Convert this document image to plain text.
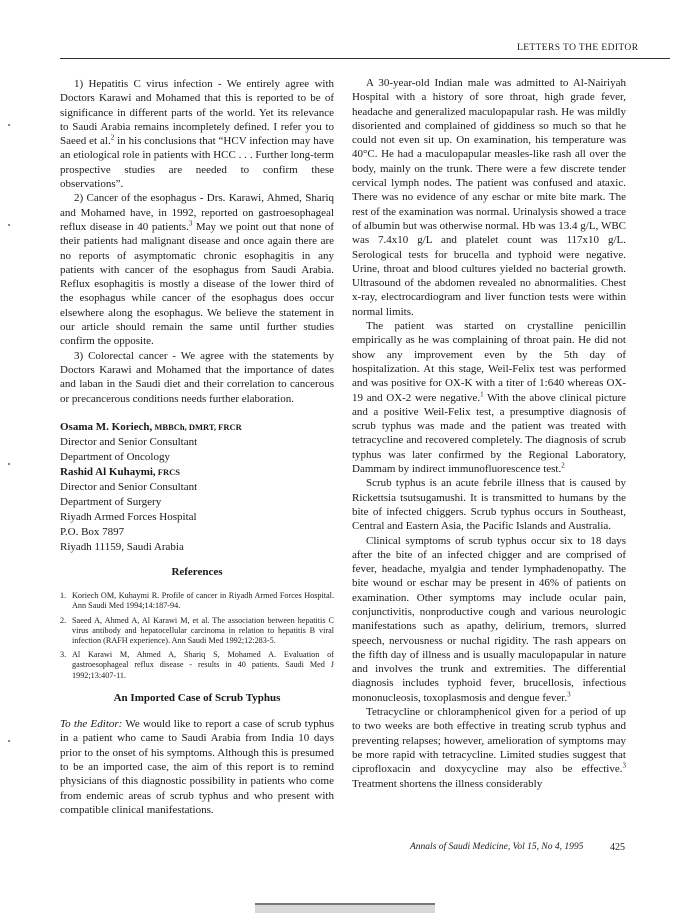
LETTERS TO THE EDITOR

1) Hepatitis C virus infection - We entirely agree with Doctors Karawi and Mohamed that this is reported to be of significance in different parts of the world. Yet its relevance to Saudi Arabia remains incompletely defined. I refer you to Saeed et al.$^2$ in his conclusions that “HCV infection may have an etiological role in patients with HCC . . . Further long-term prospective studies are needed to confirm these observations”.

2) Cancer of the esophagus - Drs. Karawi, Ahmed, Shariq and Mohamed have, in 1992, reported on gastroesophageal reflux disease in 40 patients.$^3$ May we point out that none of their patients had malignant disease and once again there are no reports of asymptomatic chronic esophagitis in any patients with cancer of the esophagus from Saudi Arabia. Reflux esophagitis is mostly a disease of the lower third of the esophagus while cancer of the esophagus does occur elsewhere along the esophagus. We believe the statement in our article should remain the same until further studies confirm the opposite.

3) Colorectal cancer - We agree with the statements by Doctors Karawi and Mohamed that the importance of dates and laban in the Saudi diet and their correlation to cancerous or precancerous conditions needs further elaboration.

Osama M. Koriech, MBBCh, DMRT, FRCR
Director and Senior Consultant
Department of Oncology
Rashid Al Kuhaymi, FRCS
Director and Senior Consultant
Department of Surgery
Riyadh Armed Forces Hospital
P.O. Box 7897
Riyadh 11159, Saudi Arabia
References
1. Koriech OM, Kuhaymi R. Profile of cancer in Riyadh Armed Forces Hospital. Ann Saudi Med 1994;14:187-94.
2. Saeed A, Ahmed A, Al Karawi M, et al. The association between hepatitis C virus antibody and hepatocellular carcinoma in relation to hepatitis B viral infection (RAFH experience). Ann Saudi Med 1992;12:283-5.
3. Al Karawi M, Ahmed A, Shariq S, Mohamed A. Evaluation of gastroesophageal reflux disease - results in 40 patients. Saudi Med J 1992;13:407-11.
An Imported Case of Scrub Typhus

To the Editor: We would like to report a case of scrub typhus in a patient who came to Saudi Arabia from India 10 days prior to the onset of his symptoms. Although this is presumed to be an imported case, the aim of this report is to remind physicians of this diagnostic possibility in patients who come from endemic areas of scrub typhus and who present with compatible clinical manifestations.

A 30-year-old Indian male was admitted to Al-Nairiyah Hospital with a history of sore throat, high grade fever, headache and generalized maculopapular rash. He was mildly disoriented and complained of giddiness so much so that he could not even sit up. On examination, his temperature was 40°C. He had a maculopapular measles-like rash all over the body, mainly on the trunk. There were a few discrete tender cervical lymph nodes. The patient was confused and ataxic. There was no evidence of any eschar or mite bite mark. The rest of the examination was normal. Urinalysis showed a trace of albumin but was otherwise normal. Hb was 13.4 g/L, WBC was 7.4x10 g/L and platelet count was 117x10 g/L. Serological tests for brucella and typhoid were negative. Urine, throat and blood cultures yielded no bacterial growth. Ultrasound of the abdomen revealed no abnormalities. Chest x-ray, electrocardiogram and liver function tests were within normal limits.

The patient was started on crystalline penicillin empirically as he was complaining of throat pain. He did not show any improvement even by the 5th day of hospitalization. At this stage, Weil-Felix test was performed and was positive for OX-K with a titer of 1:640 whereas OX-19 and OX-2 were negative.$^1$ With the above clinical picture and a positive Weil-Felix test, a presumptive diagnosis of scrub typhus was made and the patient was treated with tetracycline and recovered completely. The diagnosis of scrub typhus was later confirmed by the Regional Laboratory, Dammam by indirect immunofluorescence test.$^2$

Scrub typhus is an acute febrile illness that is caused by Rickettsia tsutsugamushi. It is transmitted to humans by the bite of infected chiggers. Scrub typhus occurs in Southeast, Central and Eastern Asia, the Pacific Islands and Australia.

Clinical symptoms of scrub typhus occur six to 18 days after the bite of an infected chigger and are comprised of fever, headache, myalgia and tender lymphadenopathy. The bite wound or eschar may be present in 46% of patients on examination. Other symptoms may include ocular pain, conjunctivitis, nonproductive cough and various neurologic manifestations such as apathy, delirium, tremors, slurred speech, nervousness or nuchal rigidity. The rash appears on the fifth day of illness and is usually maculopapular in nature and involves the trunk and extremities. The differential diagnosis includes typhoid fever, brucellosis, infectious mononucleosis, toxoplasmosis and dengue fever.$^3$

Tetracycline or chloramphenicol given for a period of up to two weeks are both effective in treating scrub typhus and preventing relapses; however, amelioration of symptoms may be more rapid with tetracycline. Limited studies suggest that ciprofloxacin and doxycycline may also be effective.$^3$ Treatment shortens the illness considerably

Annals of Saudi Medicine, Vol 15, No 4, 1995	425
